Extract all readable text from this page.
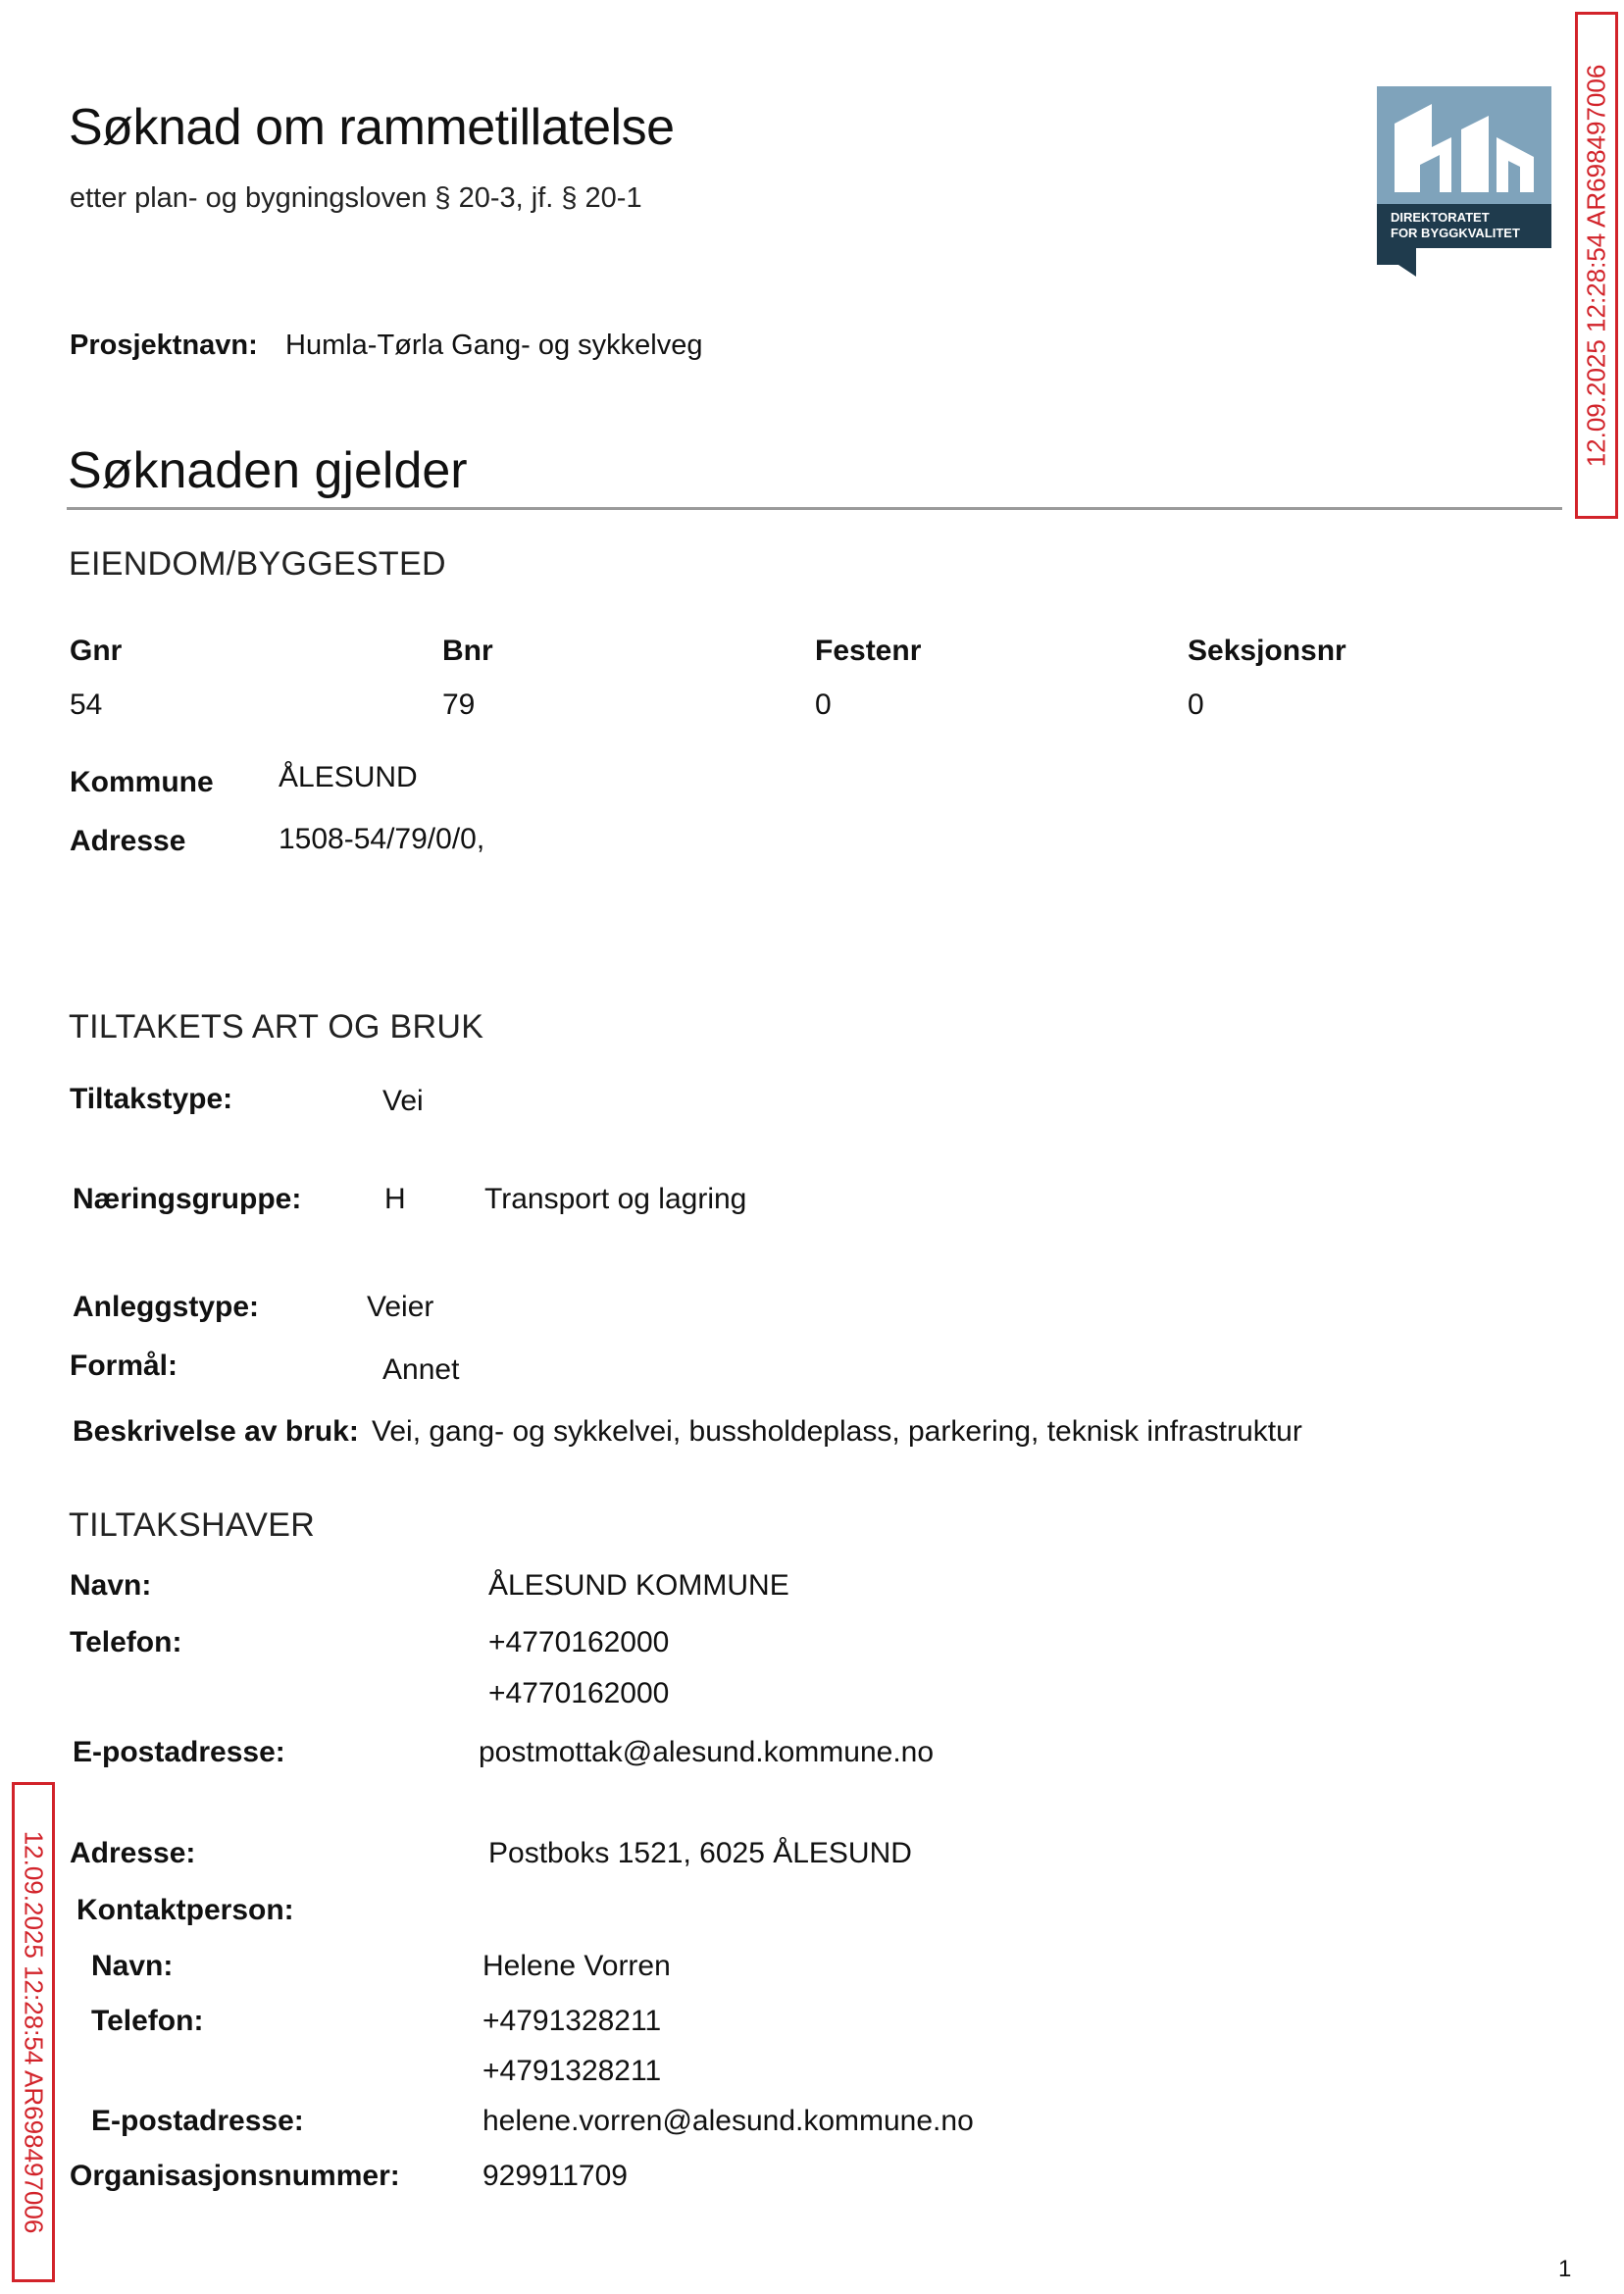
Søknad om rammetillatelse
etter plan- og bygningsloven § 20-3, jf. § 20-1
DIREKTORATET
FOR BYGGKVALITET 12.09.2025 12:28:54 AR698497006
12.09.2025 12:28:54 AR698497006
Prosjektnavn: Humla-Tørla Gang- og sykkelveg
Søknaden gjelder
EIENDOM/BYGGESTED
Gnr	Bnr	Festenr	Seksjonsnr
54	79	0	0
Kommune ÅLESUND
Adresse	1508-54/79/0/0,
TILTAKETS ART OG BRUK
Tiltakstype:	Vei
Næringsgruppe:	H	Transport og lagring
Anleggstype:	Veier
Formål:	Annet
Beskrivelse av bruk: Vei, gang- og sykkelvei, bussholdeplass, parkering, teknisk infrastruktur
TILTAKSHAVER
Navn:	ÅLESUND KOMMUNE
Telefon:	+4770162000
+4770162000
E-postadresse:	postmottak@alesund.kommune.no
Adresse:	Postboks 1521, 6025 ÅLESUND
Kontaktperson:
Navn:	Helene Vorren
Telefon:	+4791328211
+4791328211
E-postadresse:	helene.vorren@alesund.kommune.no
Organisasjonsnummer:	929911709
1
